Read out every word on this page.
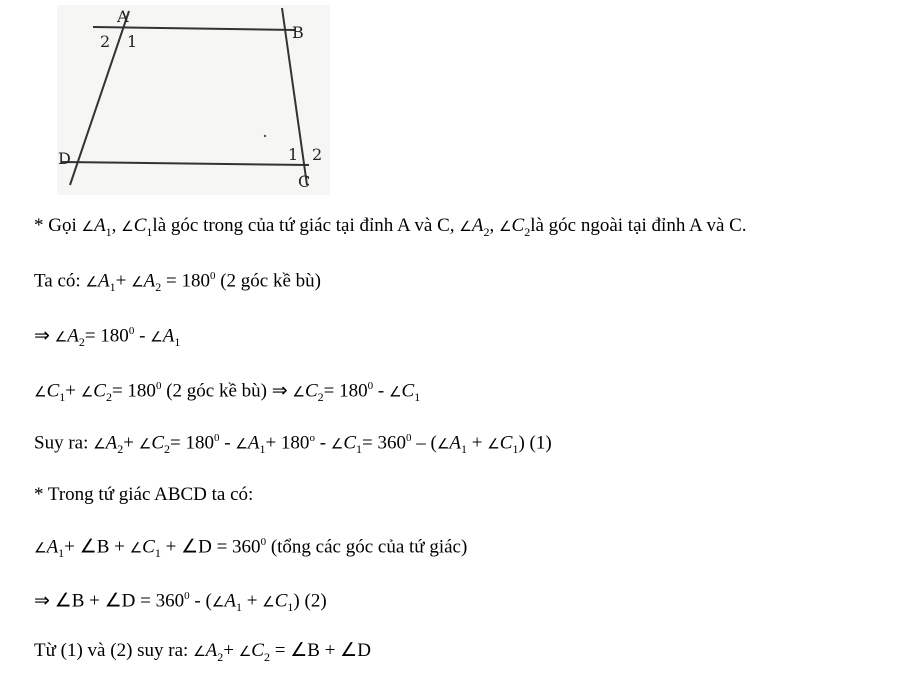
A
2 1	B
D	1 2
C
* Gọi $\angle A_1$, $\angle C_1là$ góc trong của tứ giác tại đỉnh A và C, $\angle A_2$, $\angle C_2là$ góc ngoài tại đỉnh A và C.
Ta có: $\angle A_1+$ $\angle A_2 = 180^0$ (2 góc kề bù)
⇒ $\angle A_2= 180^0$ - $\angle A_1$
$\angle C_1+$ $\angle C_2= 180^0$ (2 góc kề bù) ⇒ $\angle C_2= 180^0$ - $\angle C_1$
Suy ra: $\angle A_2+$ $\angle C_2= 180^0$ - $\angle A_1+ 180^o$ - $\angle C_1= 360^0$ – ($\angle A_1$ + $\angle C_1$) (1)
* Trong tứ giác ABCD ta có:
$\angle A_1+$ ∠B + $\angle C_1$ + ∠D = $360^0$ (tổng các góc của tứ giác)
⇒ ∠B + ∠D = $360^0$ - ($\angle A_1$ + $\angle C_1$) (2)
Từ (1) và (2) suy ra: $\angle A_2+$ $\angle C_2$ = ∠B + ∠D
